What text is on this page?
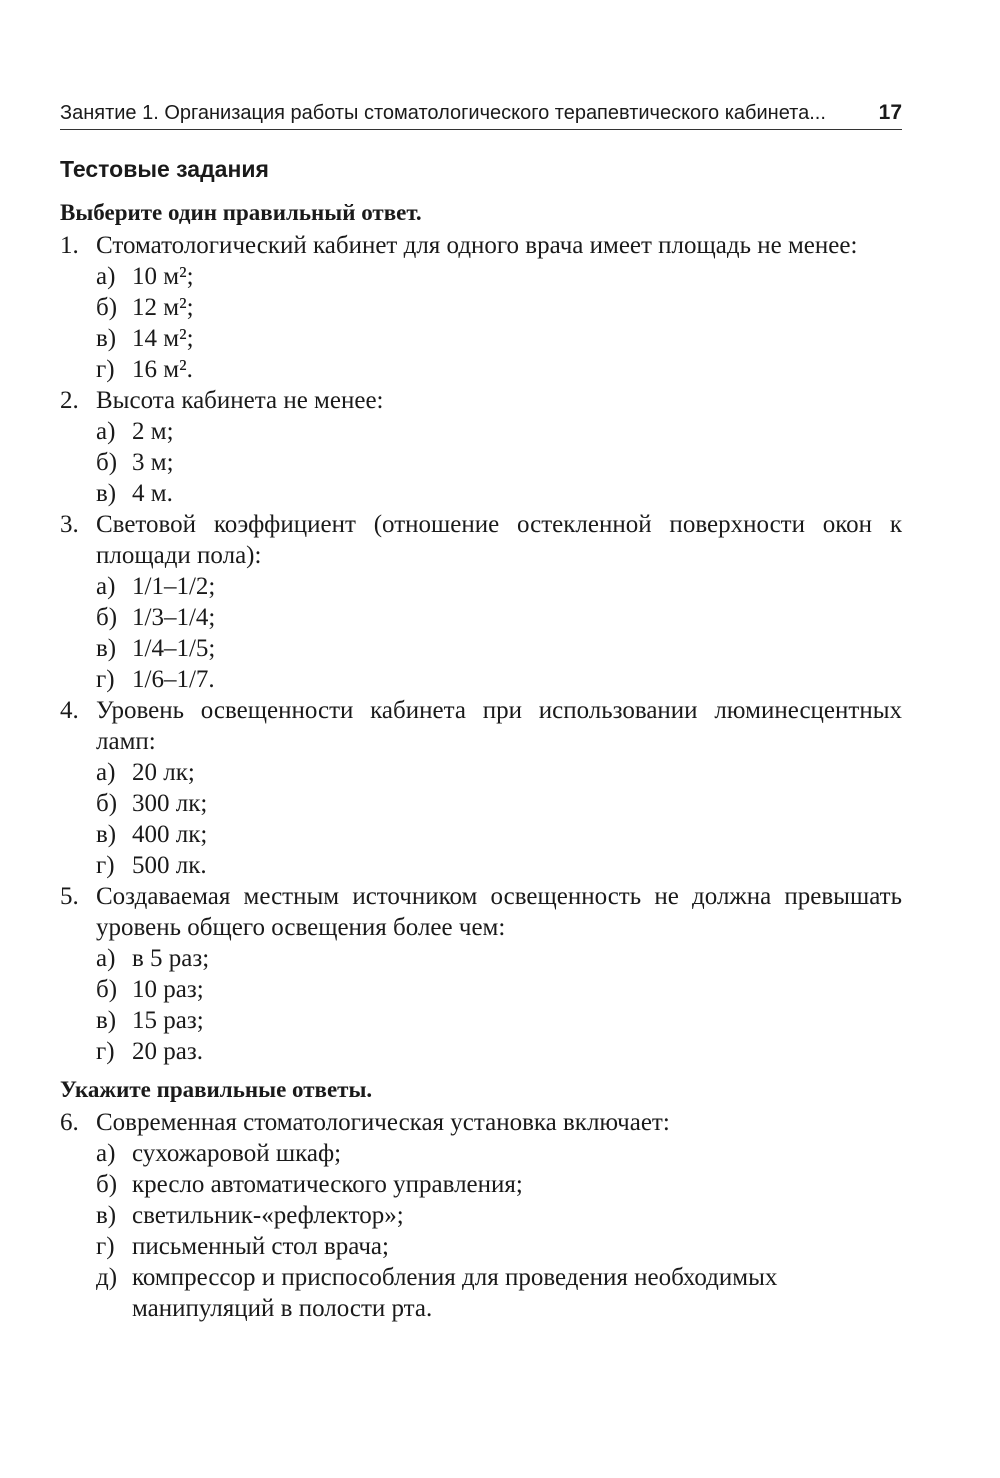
Занятие 1. Организация работы стоматологического терапевтического кабинета...	17
Тестовые задания

Выберите один правильный ответ.

1. Стоматологический кабинет для одного врача имеет площадь не менее:
а) 10 м²;
б) 12 м²;
в) 14 м²;
г) 16 м².
2. Высота кабинета не менее:
а) 2 м;
б) 3 м;
в) 4 м.
3. Световой коэффициент (отношение остекленной поверхности окон к площади пола):
а) 1/1–1/2;
б) 1/3–1/4;
в) 1/4–1/5;
г) 1/6–1/7.
4. Уровень освещенности кабинета при использовании люминесцентных ламп:
а) 20 лк;
б) 300 лк;
в) 400 лк;
г) 500 лк.
5. Создаваемая местным источником освещенность не должна превышать уровень общего освещения более чем:
а) в 5 раз;
б) 10 раз;
в) 15 раз;
г) 20 раз.

Укажите правильные ответы.

6. Современная стоматологическая установка включает:
а) сухожаровой шкаф;
б) кресло автоматического управления;
в) светильник-«рефлектор»;
г) письменный стол врача;
д) компрессор и приспособления для проведения необходимых манипуляций в полости рта.
